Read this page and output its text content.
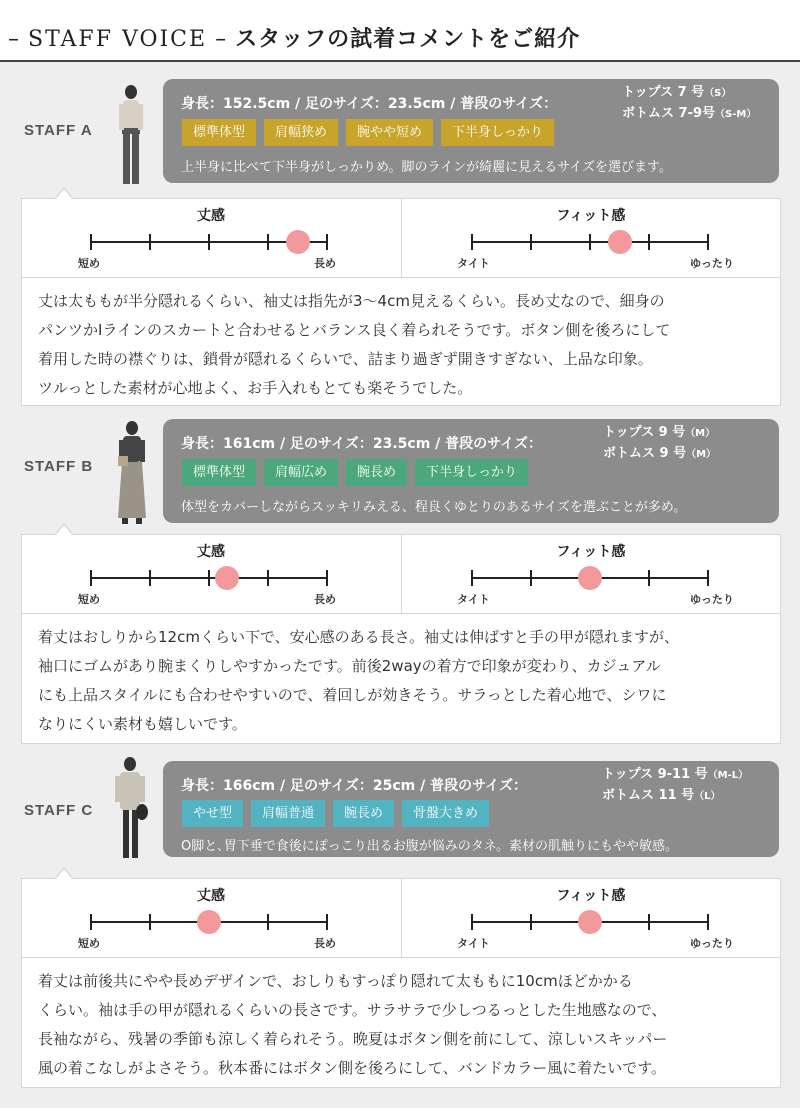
– STAFF VOICE – スタッフの試着コメントをご紹介
STAFF A
身長：152.5cm / 足のサイズ：23.5cm / 普段のサイズ：
トップス 7 号（S）
ボトムス 7-9号（S-M）
標準体型	肩幅狭め	腕やや短め	下半身しっかり
上半身に比べて下半身がしっかりめ。脚のラインが綺麗に見えるサイズを選びます。
丈感
短め	長め
フィット感
タイト	ゆったり
丈は太ももが半分隠れるくらい、袖丈は指先が3～4cm見えるくらい。長め丈なので、細身の
パンツかIラインのスカートと合わせるとバランス良く着られそうです。ボタン側を後ろにして
着用した時の襟ぐりは、鎖骨が隠れるくらいで、詰まり過ぎず開きすぎない、上品な印象。
ツルっとした素材が心地よく、お手入れもとても楽そうでした。
STAFF B
身長：161cm / 足のサイズ：23.5cm / 普段のサイズ：
トップス 9 号（M）
ボトムス 9 号（M）
標準体型	肩幅広め	腕長め	下半身しっかり
体型をカバーしながらスッキリみえる、程良くゆとりのあるサイズを選ぶことが多め。
丈感
短め	長め
フィット感
タイト	ゆったり
着丈はおしりから12cmくらい下で、安心感のある長さ。袖丈は伸ばすと手の甲が隠れますが、
袖口にゴムがあり腕まくりしやすかったです。前後2wayの着方で印象が変わり、カジュアル
にも上品スタイルにも合わせやすいので、着回しが効きそう。サラっとした着心地で、シワに
なりにくい素材も嬉しいです。
STAFF C
身長：166cm / 足のサイズ：25cm / 普段のサイズ：
トップス 9-11 号（M-L）
ボトムス 11 号（L）
やせ型	肩幅普通	腕長め	骨盤大きめ
O脚と､胃下垂で食後にぽっこり出るお腹が悩みのタネ。素材の肌触りにもやや敏感。
丈感
短め	長め
フィット感
タイト	ゆったり
着丈は前後共にやや長めデザインで、おしりもすっぽり隠れて太ももに10cmほどかかる
くらい。袖は手の甲が隠れるくらいの長さです。サラサラで少しつるっとした生地感なので、
長袖ながら、残暑の季節も涼しく着られそう。晩夏はボタン側を前にして、涼しいスキッパー
風の着こなしがよさそう。秋本番にはボタン側を後ろにして、バンドカラー風に着たいです。
